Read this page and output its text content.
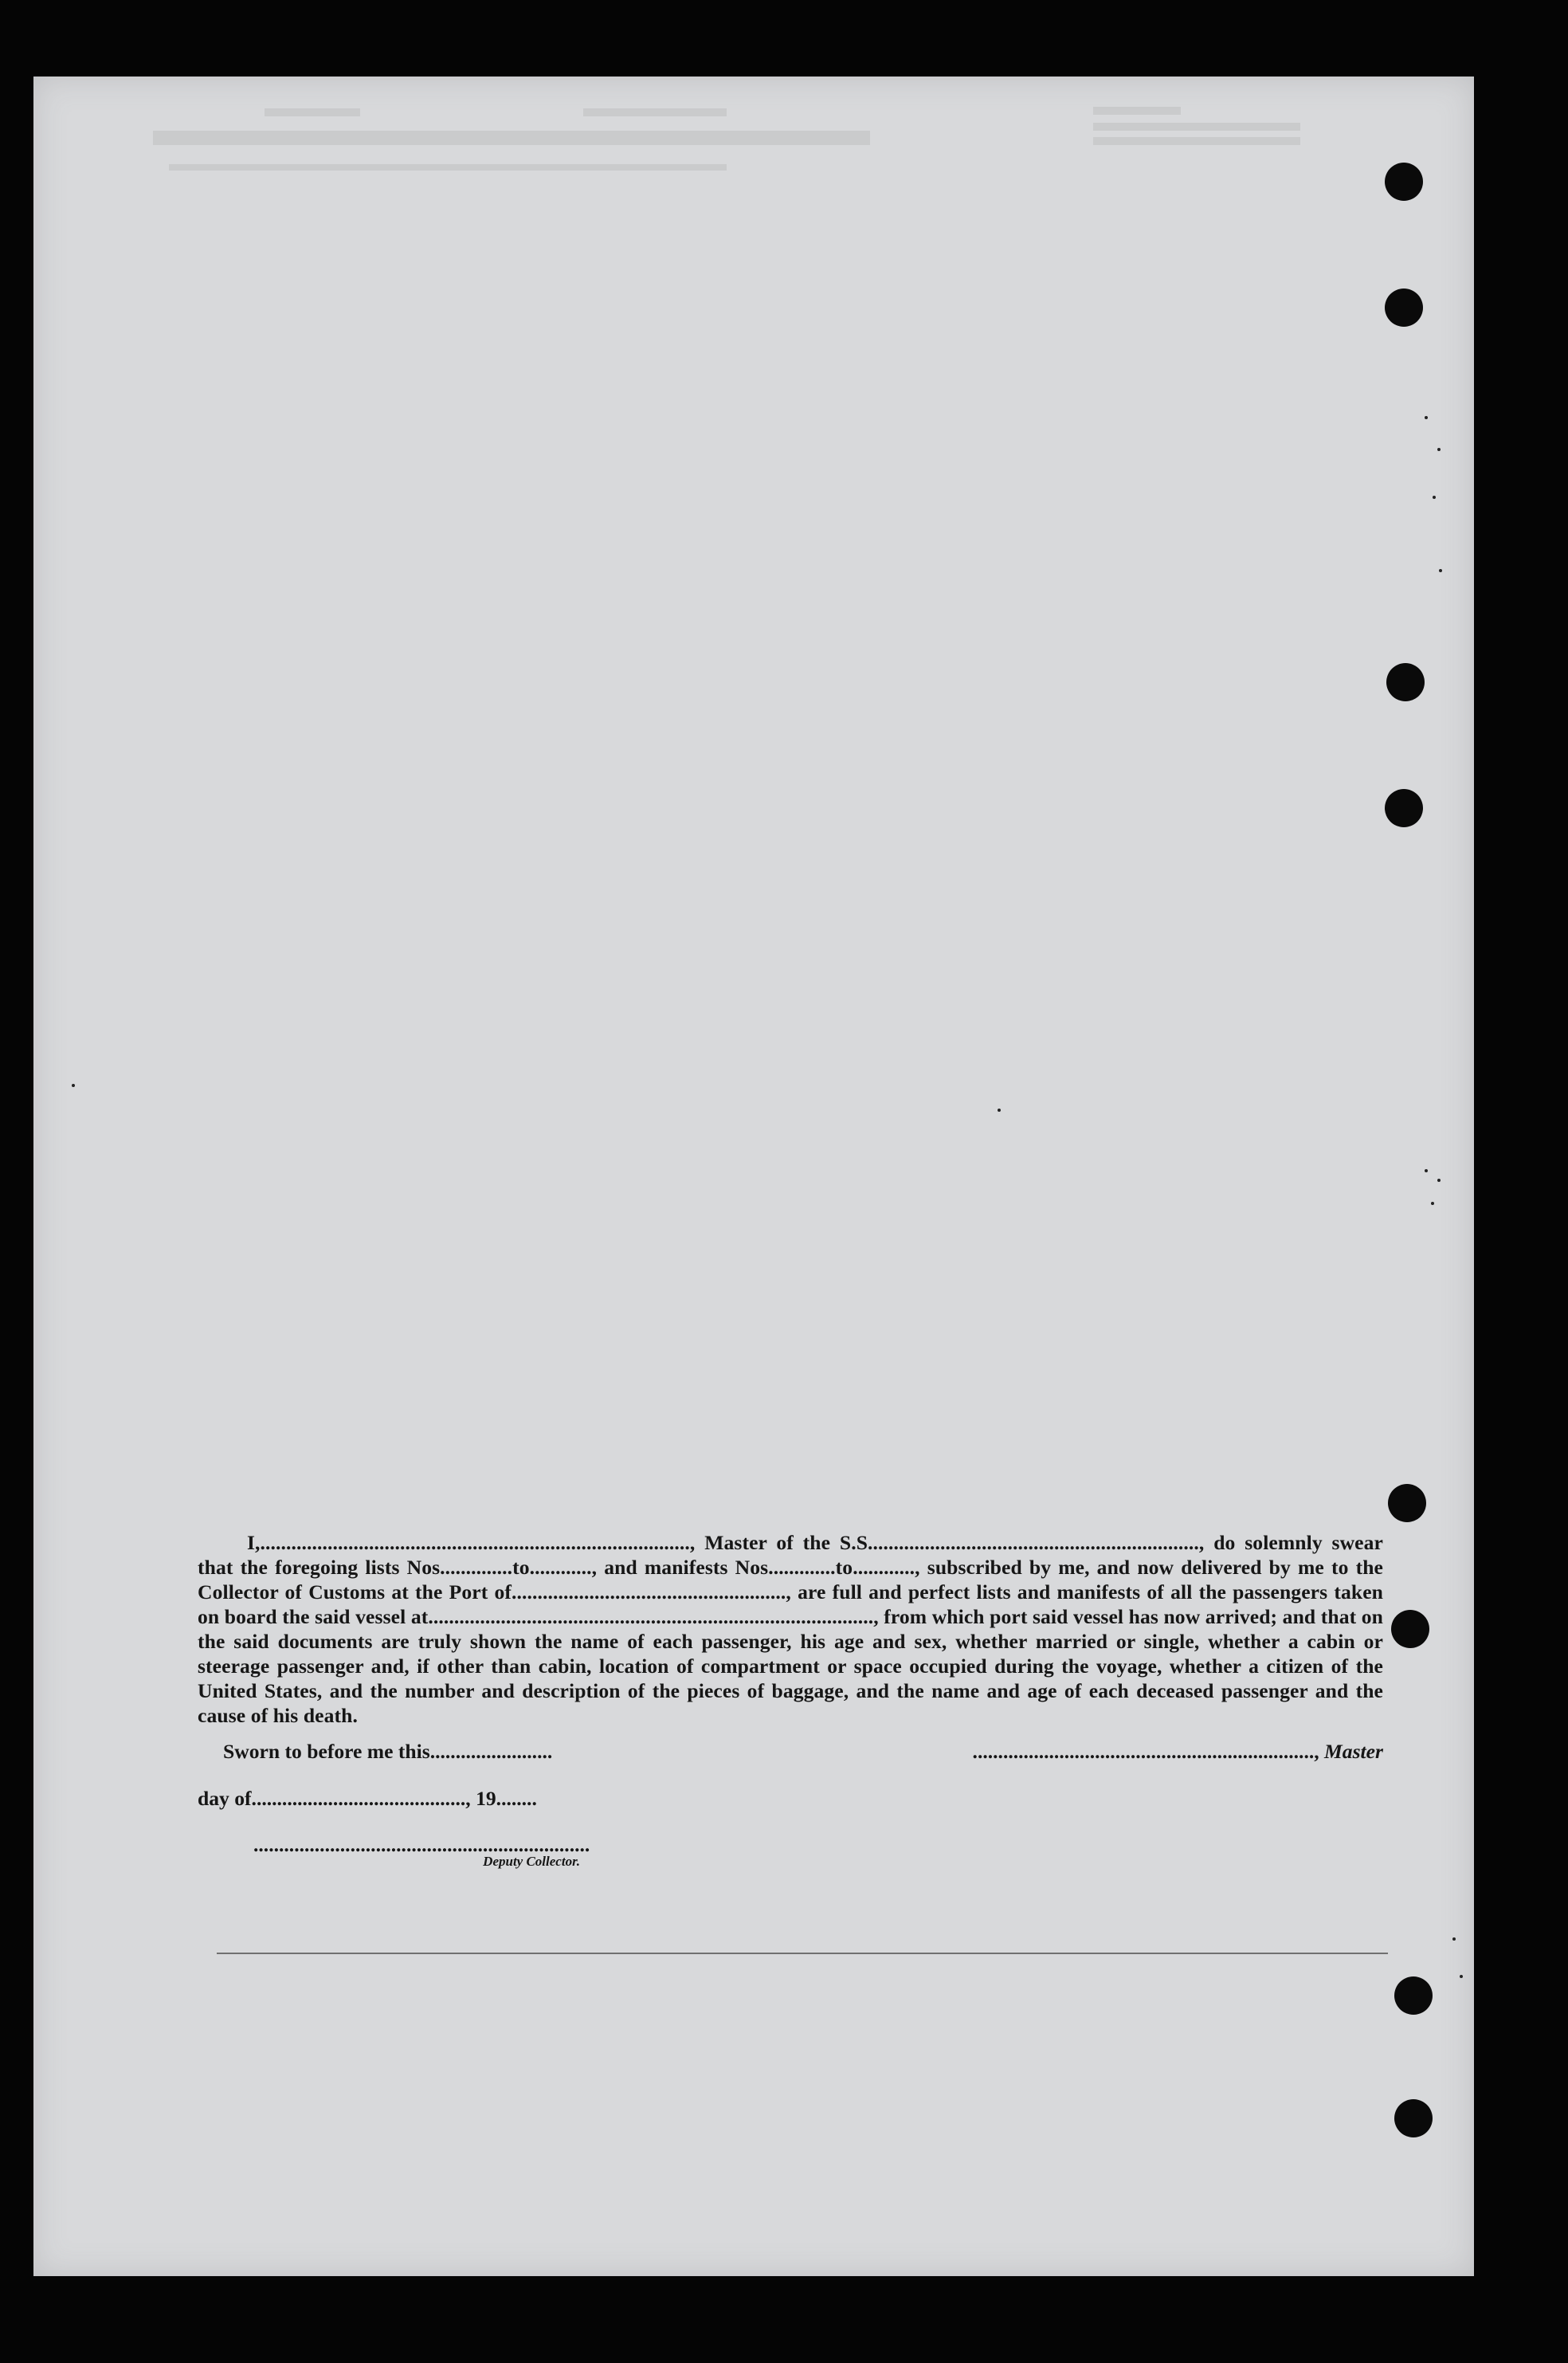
I,..................................................................................., Master of the S.S................................................................, do solemnly swear that the foregoing lists Nos..............to............, and manifests Nos.............to............, subscribed by me, and now delivered by me to the Collector of Customs at the Port of....................................................., are full and perfect lists and manifests of all the passengers taken on board the said vessel at......................................................................................, from which port said vessel has now arrived; and that on the said documents are truly shown the name of each passenger, his age and sex, whether married or single, whether a cabin or steerage passenger and, if other than cabin, location of compartment or space occupied during the voyage, whether a citizen of the United States, and the number and description of the pieces of baggage, and the name and age of each deceased passenger and the cause of his death.

Sworn to before me this........................	..................................................................., Master
day of.........................................., 19........
..................................................................
Deputy Collector.
